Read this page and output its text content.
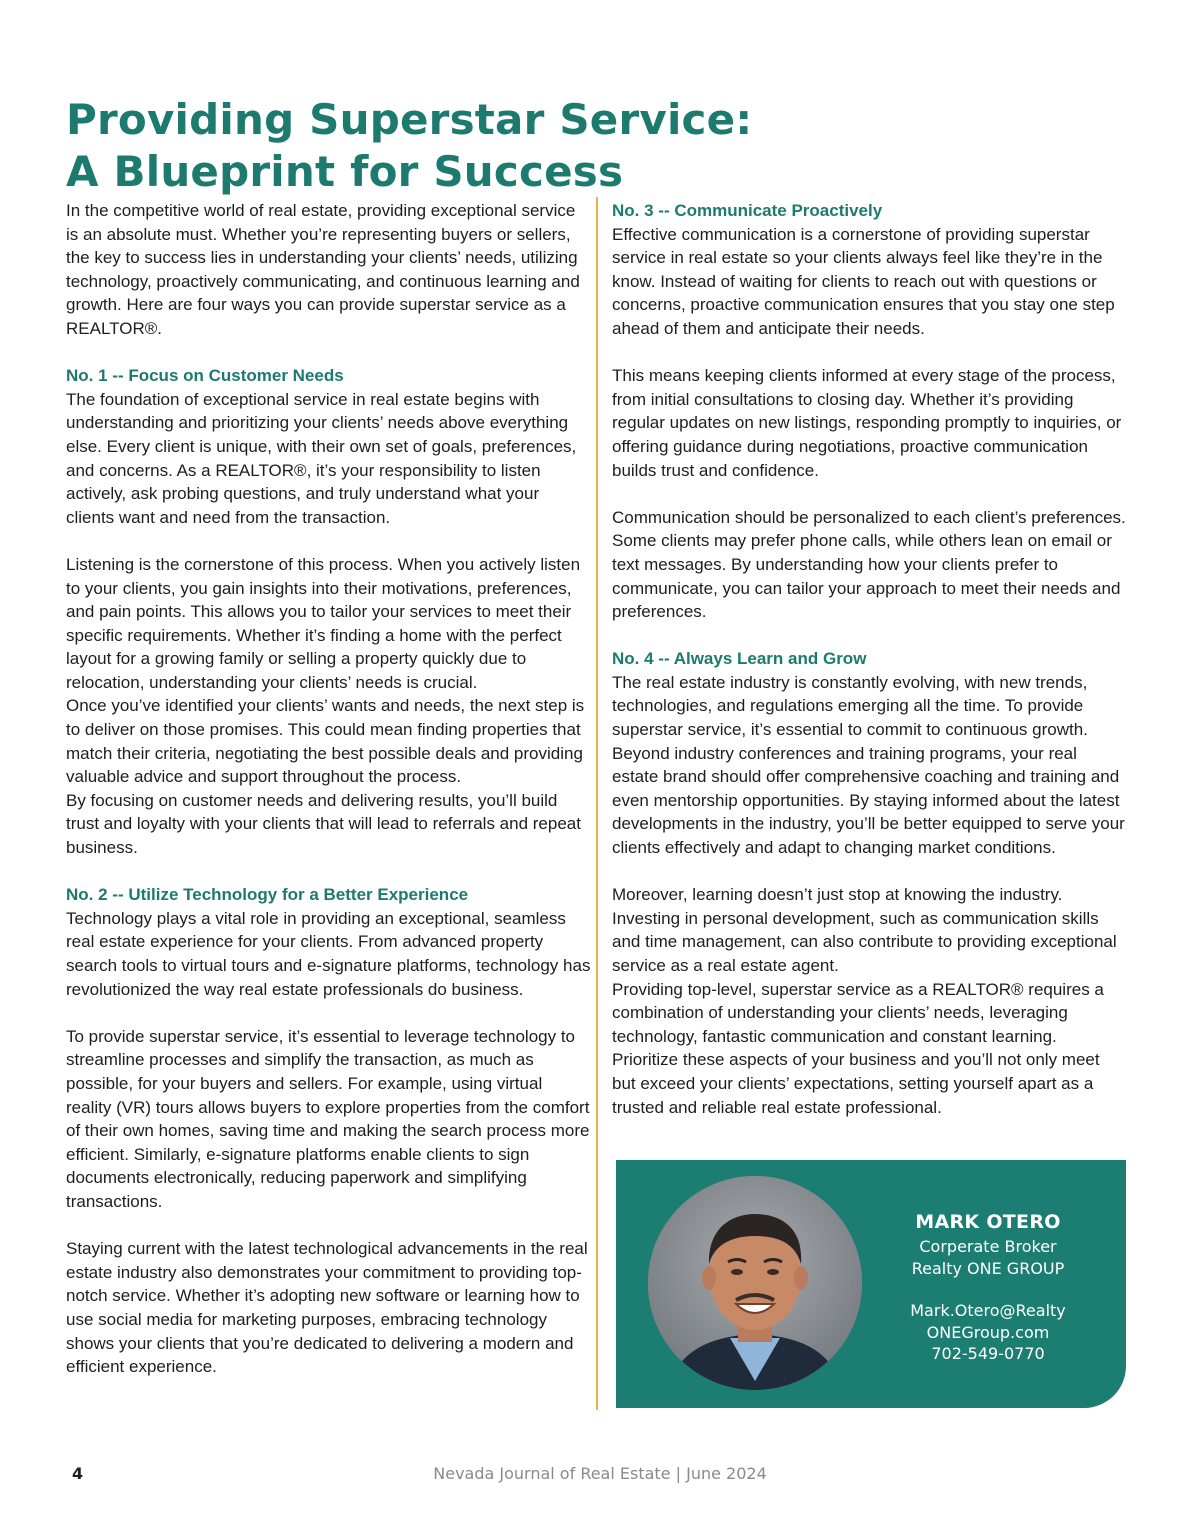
Providing Superstar Service:
A Blueprint for Success

In the competitive world of real estate, providing exceptional service is an absolute must. Whether you’re representing buyers or sellers, the key to success lies in understanding your clients’ needs, utilizing technology, proactively communicating, and continuous learning and growth. Here are four ways you can provide superstar service as a REALTOR®.

No. 1 -- Focus on Customer Needs

The foundation of exceptional service in real estate begins with understanding and prioritizing your clients’ needs above everything else. Every client is unique, with their own set of goals, preferences, and concerns. As a REALTOR®, it’s your responsibility to listen actively, ask probing questions, and truly understand what your clients want and need from the transaction.

Listening is the cornerstone of this process. When you actively listen to your clients, you gain insights into their motivations, preferences, and pain points. This allows you to tailor your services to meet their specific requirements. Whether it’s finding a home with the perfect layout for a growing family or selling a property quickly due to relocation, understanding your clients’ needs is crucial.

Once you’ve identified your clients’ wants and needs, the next step is to deliver on those promises. This could mean finding properties that match their criteria, negotiating the best possible deals and providing valuable advice and support throughout the process.

By focusing on customer needs and delivering results, you’ll build trust and loyalty with your clients that will lead to referrals and repeat business.

No. 2 -- Utilize Technology for a Better Experience

Technology plays a vital role in providing an exceptional, seamless real estate experience for your clients. From advanced property search tools to virtual tours and e-signature platforms, technology has revolutionized the way real estate professionals do business.

To provide superstar service, it’s essential to leverage technology to streamline processes and simplify the transaction, as much as possible, for your buyers and sellers. For example, using virtual reality (VR) tours allows buyers to explore properties from the comfort of their own homes, saving time and making the search process more efficient. Similarly, e-signature platforms enable clients to sign documents electronically, reducing paperwork and simplifying transactions.

Staying current with the latest technological advancements in the real estate industry also demonstrates your commitment to providing top-notch service. Whether it’s adopting new software or learning how to use social media for marketing purposes, embracing technology shows your clients that you’re dedicated to delivering a modern and efficient experience.

No. 3 -- Communicate Proactively

Effective communication is a cornerstone of providing superstar service in real estate so your clients always feel like they’re in the know. Instead of waiting for clients to reach out with questions or concerns, proactive communication ensures that you stay one step ahead of them and anticipate their needs.

This means keeping clients informed at every stage of the process, from initial consultations to closing day. Whether it’s providing regular updates on new listings, responding promptly to inquiries, or offering guidance during negotiations, proactive communication builds trust and confidence.

Communication should be personalized to each client’s preferences. Some clients may prefer phone calls, while others lean on email or text messages. By understanding how your clients prefer to communicate, you can tailor your approach to meet their needs and preferences.

No. 4 -- Always Learn and Grow

The real estate industry is constantly evolving, with new trends, technologies, and regulations emerging all the time. To provide superstar service, it’s essential to commit to continuous growth. Beyond industry conferences and training programs, your real estate brand should offer comprehensive coaching and training and even mentorship opportunities. By staying informed about the latest developments in the industry, you’ll be better equipped to serve your clients effectively and adapt to changing market conditions.

Moreover, learning doesn’t just stop at knowing the industry. Investing in personal development, such as communication skills and time management, can also contribute to providing exceptional service as a real estate agent.

Providing top-level, superstar service as a REALTOR® requires a combination of understanding your clients’ needs, leveraging technology, fantastic communication and constant learning. Prioritize these aspects of your business and you’ll not only meet but exceed your clients’ expectations, setting yourself apart as a trusted and reliable real estate professional.

MARK OTERO
Corperate Broker
Realty ONE GROUP
Mark.Otero@Realty
ONEGroup.com
702-549-0770
4	Nevada Journal of Real Estate | June 2024
